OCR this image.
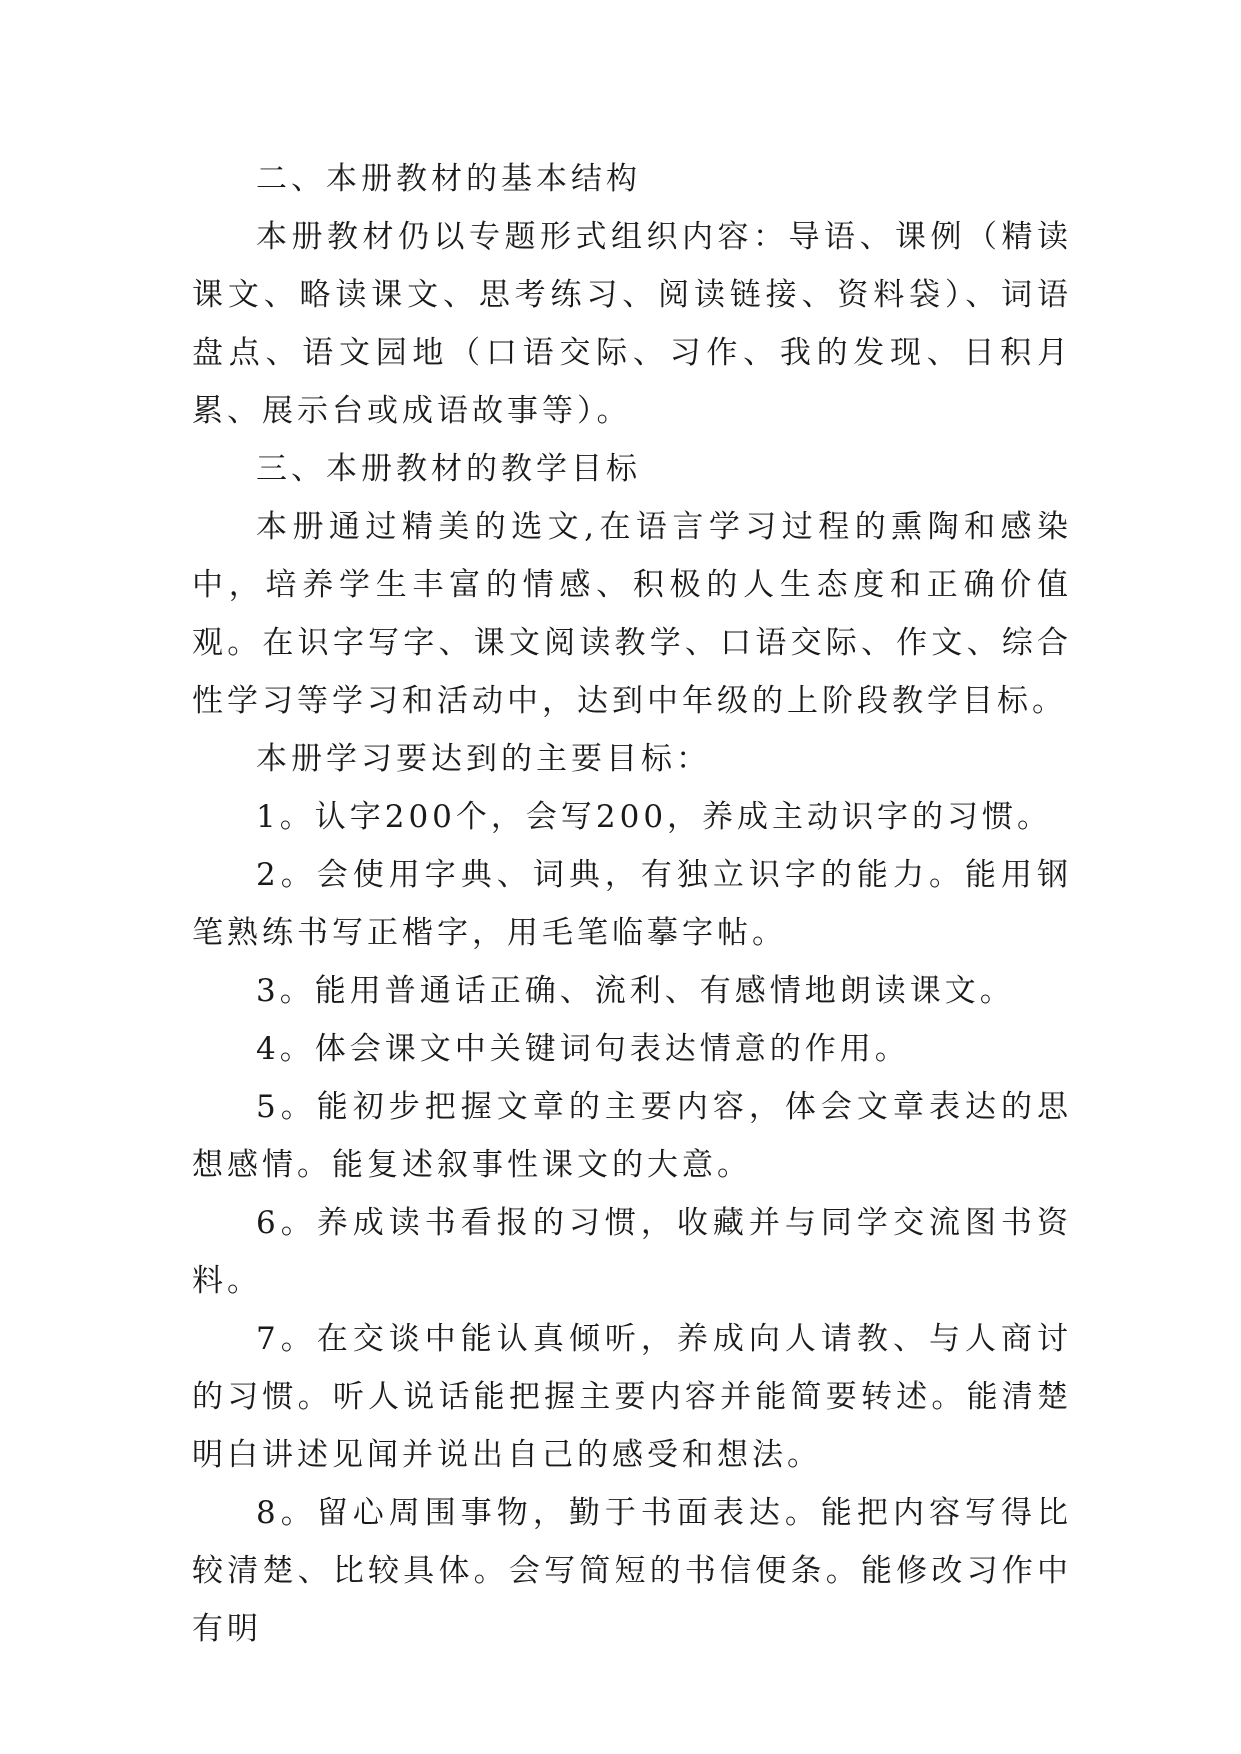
二、本册教材的基本结构

本册教材仍以专题形式组织内容：导语、课例（精读课文、略读课文、思考练习、阅读链接、资料袋）、词语盘点、语文园地（口语交际、习作、我的发现、日积月累、展示台或成语故事等）。

三、本册教材的教学目标

本册通过精美的选文,在语言学习过程的熏陶和感染中，培养学生丰富的情感、积极的人生态度和正确价值观。在识字写字、课文阅读教学、口语交际、作文、综合性学习等学习和活动中，达到中年级的上阶段教学目标。

本册学习要达到的主要目标：

1。认字200个，会写200，养成主动识字的习惯。

2。会使用字典、词典，有独立识字的能力。能用钢笔熟练书写正楷字，用毛笔临摹字帖。

3。能用普通话正确、流利、有感情地朗读课文。

4。体会课文中关键词句表达情意的作用。

5。能初步把握文章的主要内容，体会文章表达的思想感情。能复述叙事性课文的大意。

6。养成读书看报的习惯，收藏并与同学交流图书资料。

7。在交谈中能认真倾听，养成向人请教、与人商讨的习惯。听人说话能把握主要内容并能简要转述。能清楚明白讲述见闻并说出自己的感受和想法。

8。留心周围事物，勤于书面表达。能把内容写得比较清楚、比较具体。会写简短的书信便条。能修改习作中有明
